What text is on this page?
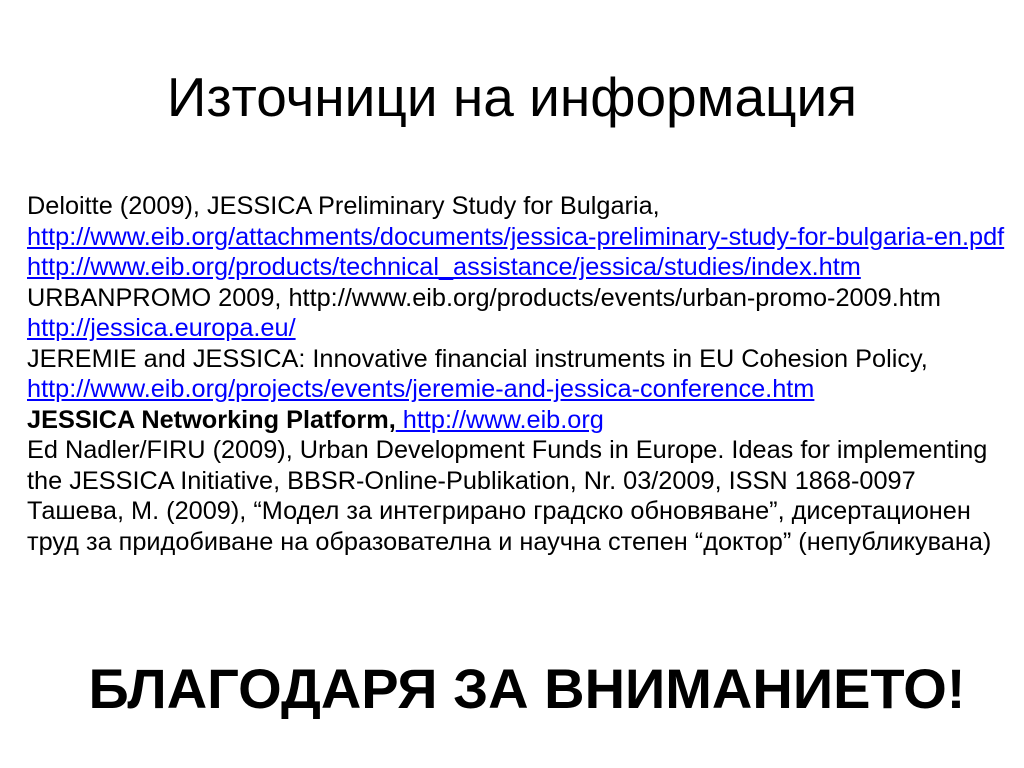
Източници на информация
Deloitte (2009), JESSICA Preliminary Study for Bulgaria,
http://www.eib.org/attachments/documents/jessica-preliminary-study-for-bulgaria-en.pdf
http://www.eib.org/products/technical_assistance/jessica/studies/index.htm
URBANPROMO 2009, http://www.eib.org/products/events/urban-promo-2009.htm
http://jessica.europa.eu/
JEREMIE and JESSICA: Innovative financial instruments in EU Cohesion Policy,
http://www.eib.org/projects/events/jeremie-and-jessica-conference.htm
JESSICA Networking Platform, http://www.eib.org
Ed Nadler/FIRU (2009), Urban Development Funds in Europe. Ideas for implementing
the JESSICA Initiative, BBSR-Online-Publikation, Nr. 03/2009, ISSN 1868-0097
Ташева, М. (2009), “Модел за интегрирано градско обновяване”, дисертационен
труд за придобиване на образователна и научна степен “доктор” (непубликувана)
БЛАГОДАРЯ ЗА ВНИМАНИЕТО!
